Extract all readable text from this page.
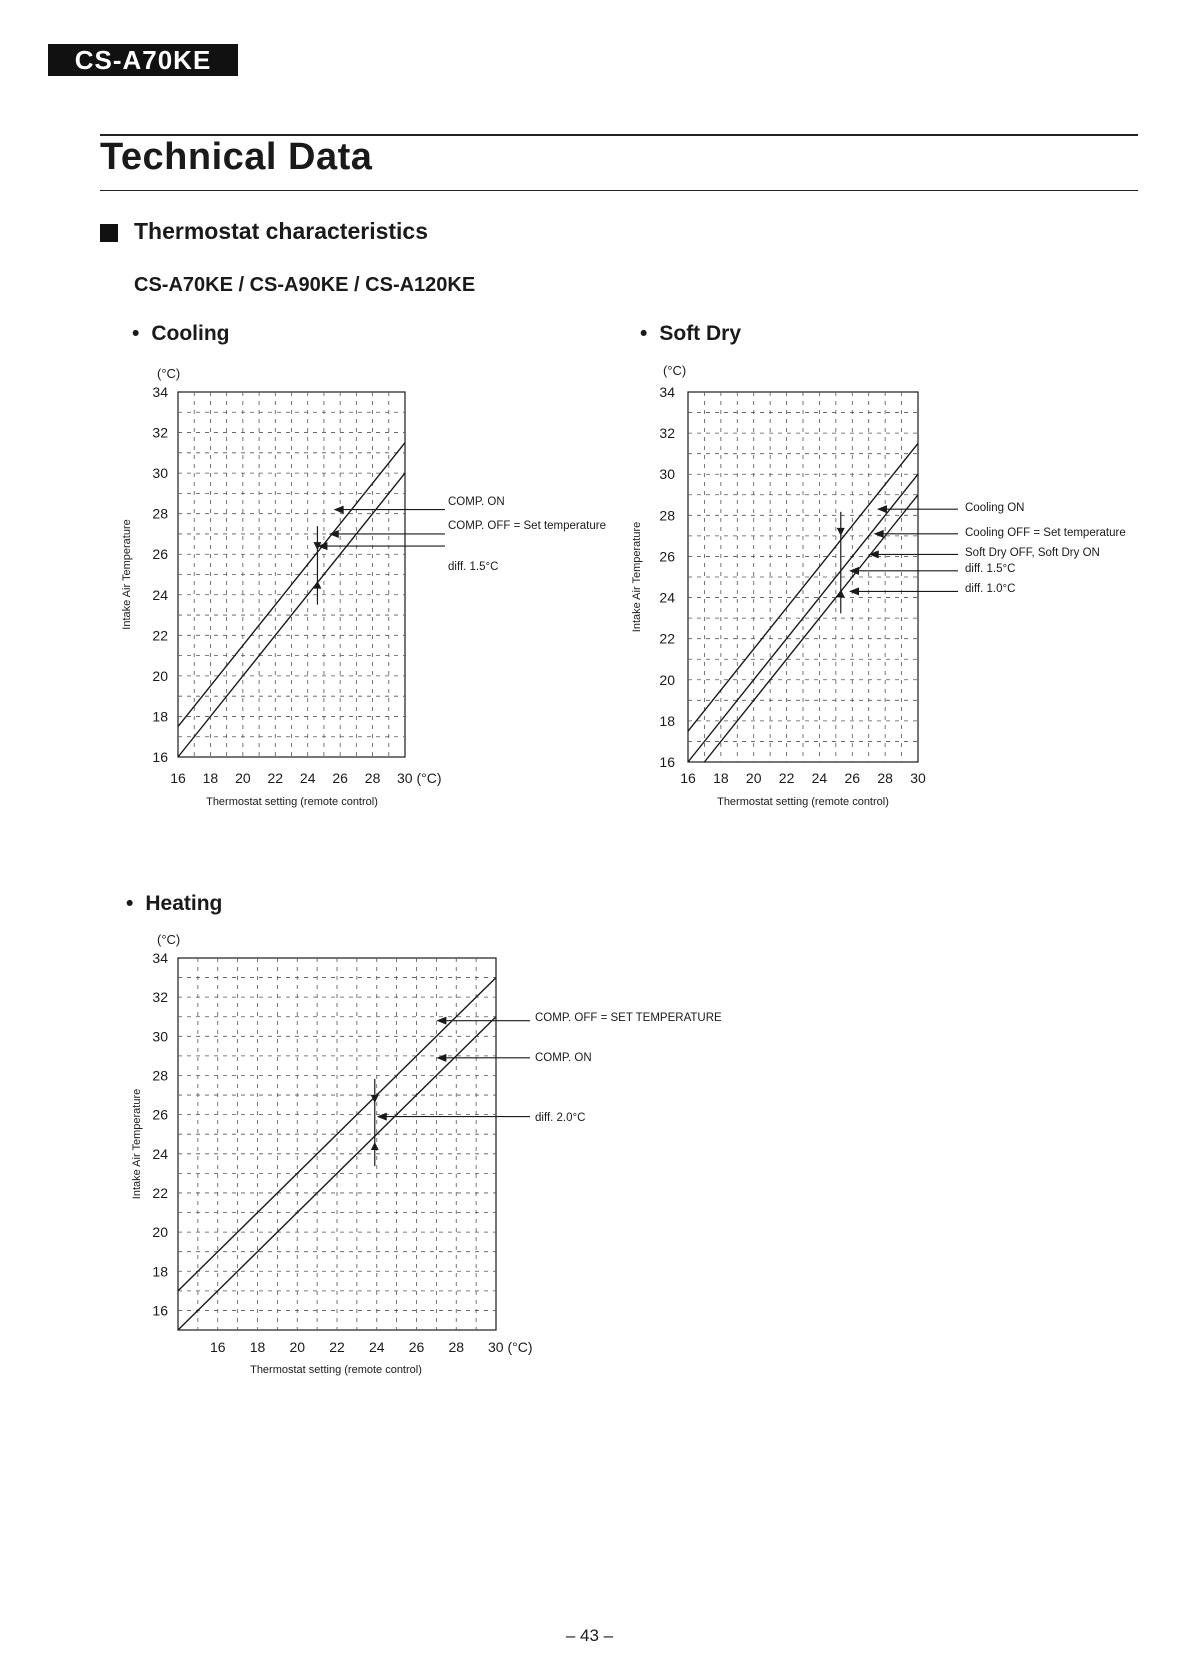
CS-A70KE
Technical Data
Thermostat characteristics
CS-A70KE / CS-A90KE / CS-A120KE
• Cooling	• Soft Dry
• Heating
16
18
20
22
24
26
28
30
32
34
16 18 20 22 24 26 28 30 (°C)
(°C)
Intake Air Temperature
Thermostat setting (remote control)
COMP. ON
COMP. OFF = Set temperature
diff. 1.5°C
16
18
20
22
24
26
28
30
32
34
16 18 20 22 24 26 28 30
(°C)
Intake Air Temperature
Thermostat setting (remote control)
Cooling ON
Cooling OFF = Set temperature
Soft Dry OFF, Soft Dry ON
diff. 1.5°C
diff. 1.0°C
16
18
20
22
24
26
28
30
32
34
16 18 20 22 24 26 28 30 (°C)
(°C)
Intake Air Temperature
Thermostat setting (remote control)
COMP. OFF = SET TEMPERATURE
COMP. ON
diff. 2.0°C
– 43 –
